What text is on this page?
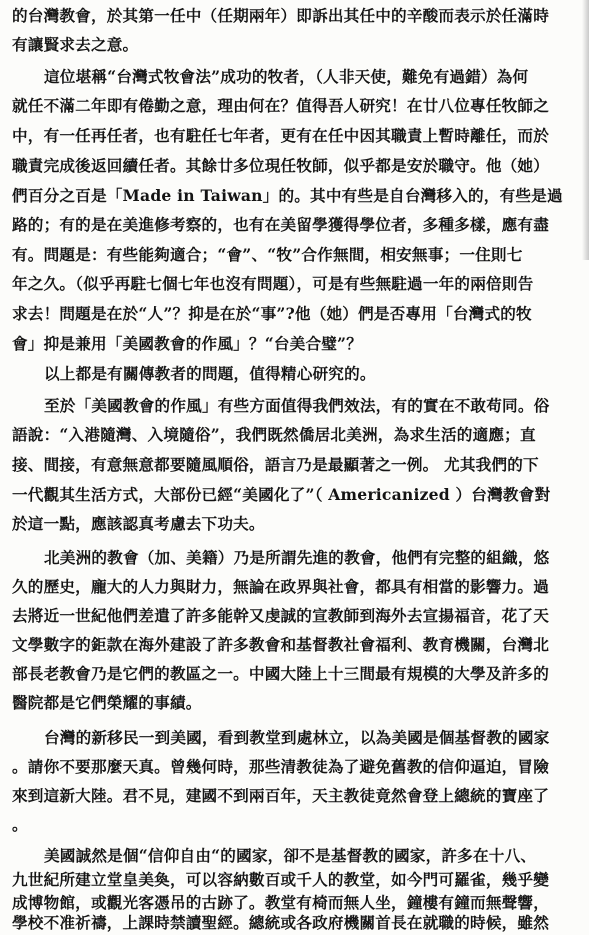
的台灣教會，於其第一任中（任期兩年）即訴出其任中的辛酸而表示於任滿時
有讓賢求去之意。
這位堪稱“台灣式牧會法”成功的牧者，（人非天使，難免有過錯）為何
就任不滿二年即有倦勤之意，理由何在？值得吾人研究！在廿八位專任牧師之
中，有一任再任者，也有駐任七年者，更有在任中因其職責上暫時離任，而於
職責完成後返回續任者。其餘廿多位現任牧師，似乎都是安於職守。他（她）
們百分之百是「Made in Taiwan」的。其中有些是自台灣移入的，有些是過
路的；有的是在美進修考察的，也有在美留學獲得學位者，多種多樣，應有盡
有。問題是：有些能夠適合；“會”、“牧”合作無間，相安無事；一住則七
年之久。（似乎再駐七個七年也沒有問題），可是有些無駐過一年的兩倍則告
求去！問題是在於“人”？抑是在於“事”?他（她）們是否專用「台灣式的牧
會」抑是兼用「美國教會的作風」？“台美合璧”？
以上都是有關傳教者的問題，值得精心研究的。
至於「美國教會的作風」有些方面值得我們效法，有的實在不敢苟同。俗
語說：“入港隨灣、入境隨俗”，我們既然僑居北美洲，為求生活的適應；直
接、間接，有意無意都要隨風順俗，語言乃是最顯著之一例。 尤其我們的下
一代觀其生活方式，大部份已經“美國化了”（ Americanized ）台灣教會對
於這一點，應該認真考慮去下功夫。
北美洲的教會（加、美籍）乃是所謂先進的教會，他們有完整的組織，悠
久的歷史，龐大的人力與財力，無論在政界與社會，都具有相當的影響力。過
去將近一世紀他們差遣了許多能幹又虔誠的宣教師到海外去宣揚福音，花了天
文學數字的鉅款在海外建設了許多教會和基督教社會福利、教育機關，台灣北
部長老教會乃是它們的教區之一。中國大陸上十三間最有規模的大學及許多的
醫院都是它們榮耀的事績。
台灣的新移民一到美國，看到教堂到處林立，以為美國是個基督教的國家
。請你不要那麼天真。曾幾何時，那些清教徒為了避免舊教的信仰逼迫，冒險
來到這新大陸。君不見，建國不到兩百年，天主教徒竟然會登上總統的寶座了
。
美國誠然是個“信仰自由“的國家，卻不是基督教的國家，許多在十八、
九世紀所建立堂皇美奐，可以容納數百或千人的教堂，如今門可羅雀，幾乎變
成博物館，或觀光客憑吊的古跡了。教堂有椅而無人坐，鐘樓有鐘而無聲響，
學校不准祈禱，上課時禁讀聖經。總統或各政府機關首長在就職的時候，雖然
